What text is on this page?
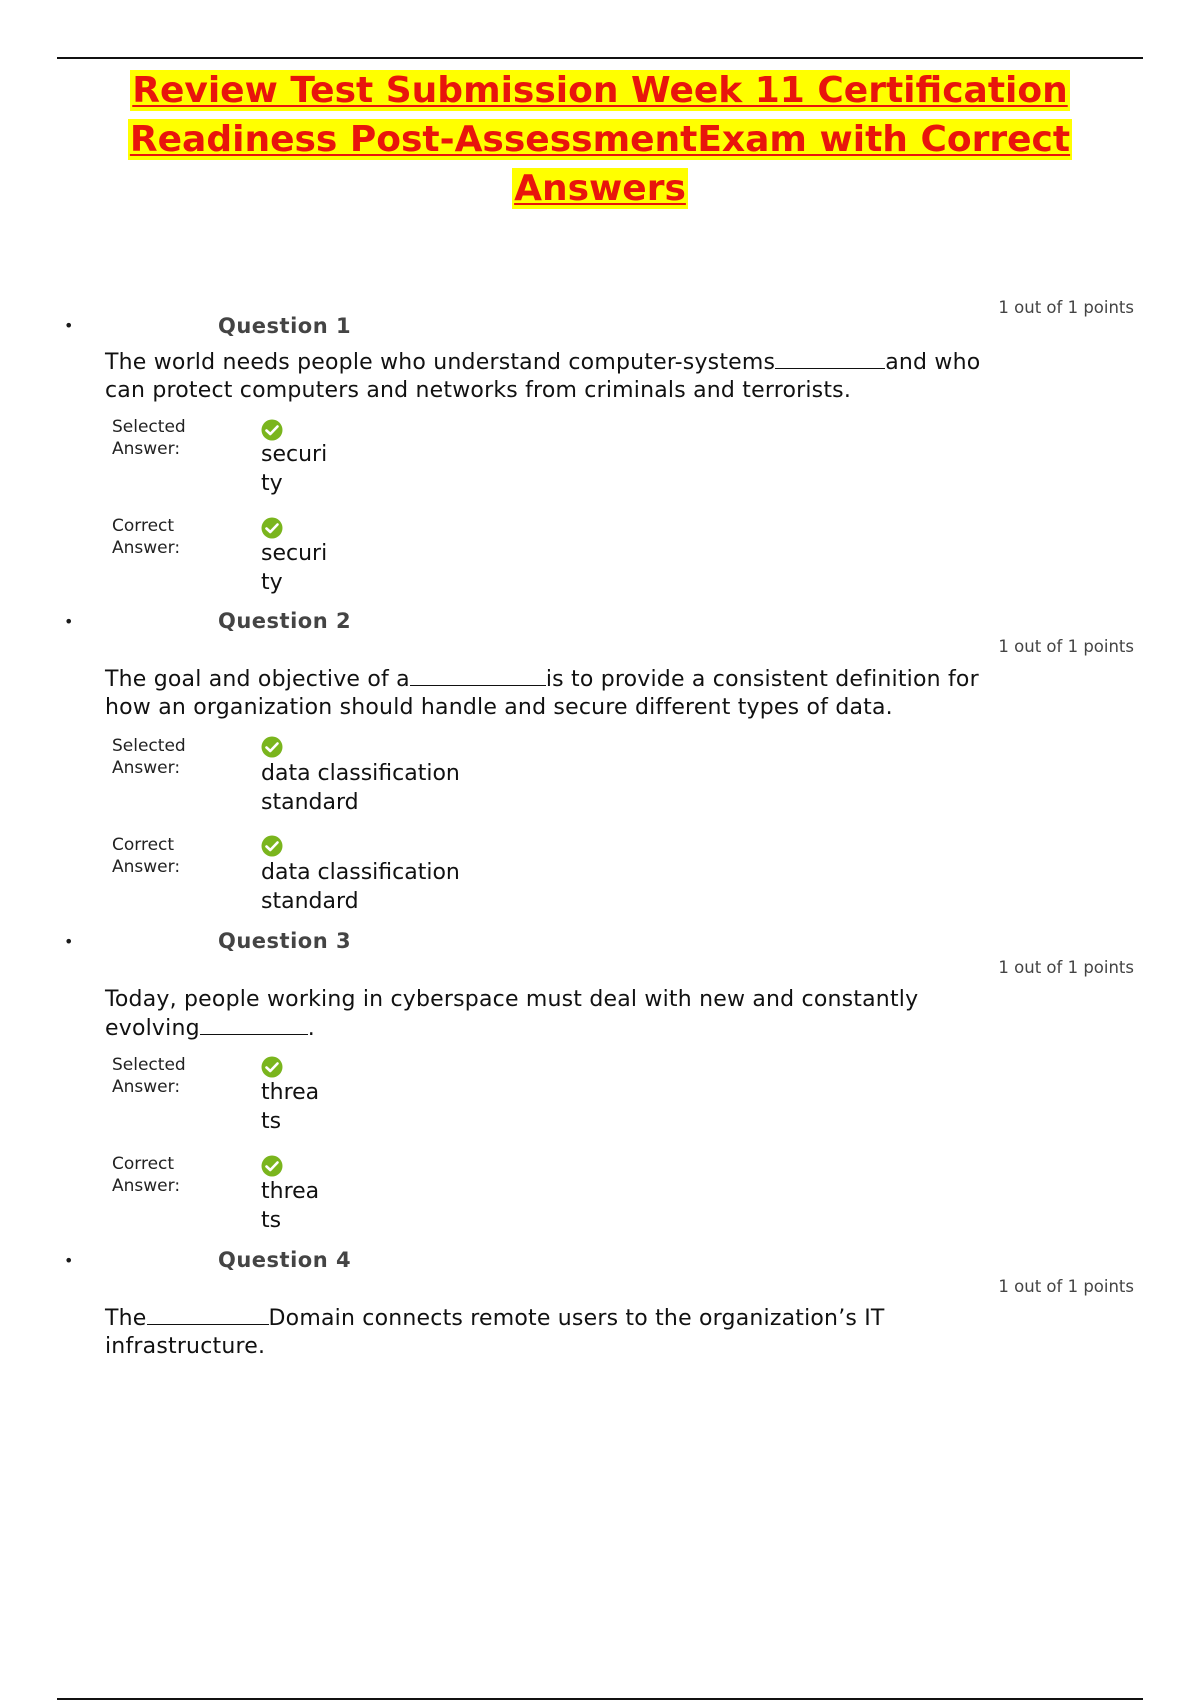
Review Test Submission Week 11 Certification
Readiness Post-AssessmentExam with Correct
Answers
•
1 out of 1 points
Question 1
The world needs people who understand computer-systems	and who can protect computers and networks from criminals and terrorists.
Selected
Answer:	securi
ty
Correct
Answer:	securi
ty
•	Question 2
1 out of 1 points
The goal and objective of a	is to provide a consistent definition for how an organization should handle and secure different types of data.
Selected
Answer:	data classification
standard
Correct
Answer:	data classification
standard
•	Question 3
1 out of 1 points
Today, people working in cyberspace must deal with new and constantly evolving	.
Selected
Answer:	threa
ts
Correct
Answer:	threa
ts
•	Question 4
1 out of 1 points
The	Domain connects remote users to the organization’s IT infrastructure.
